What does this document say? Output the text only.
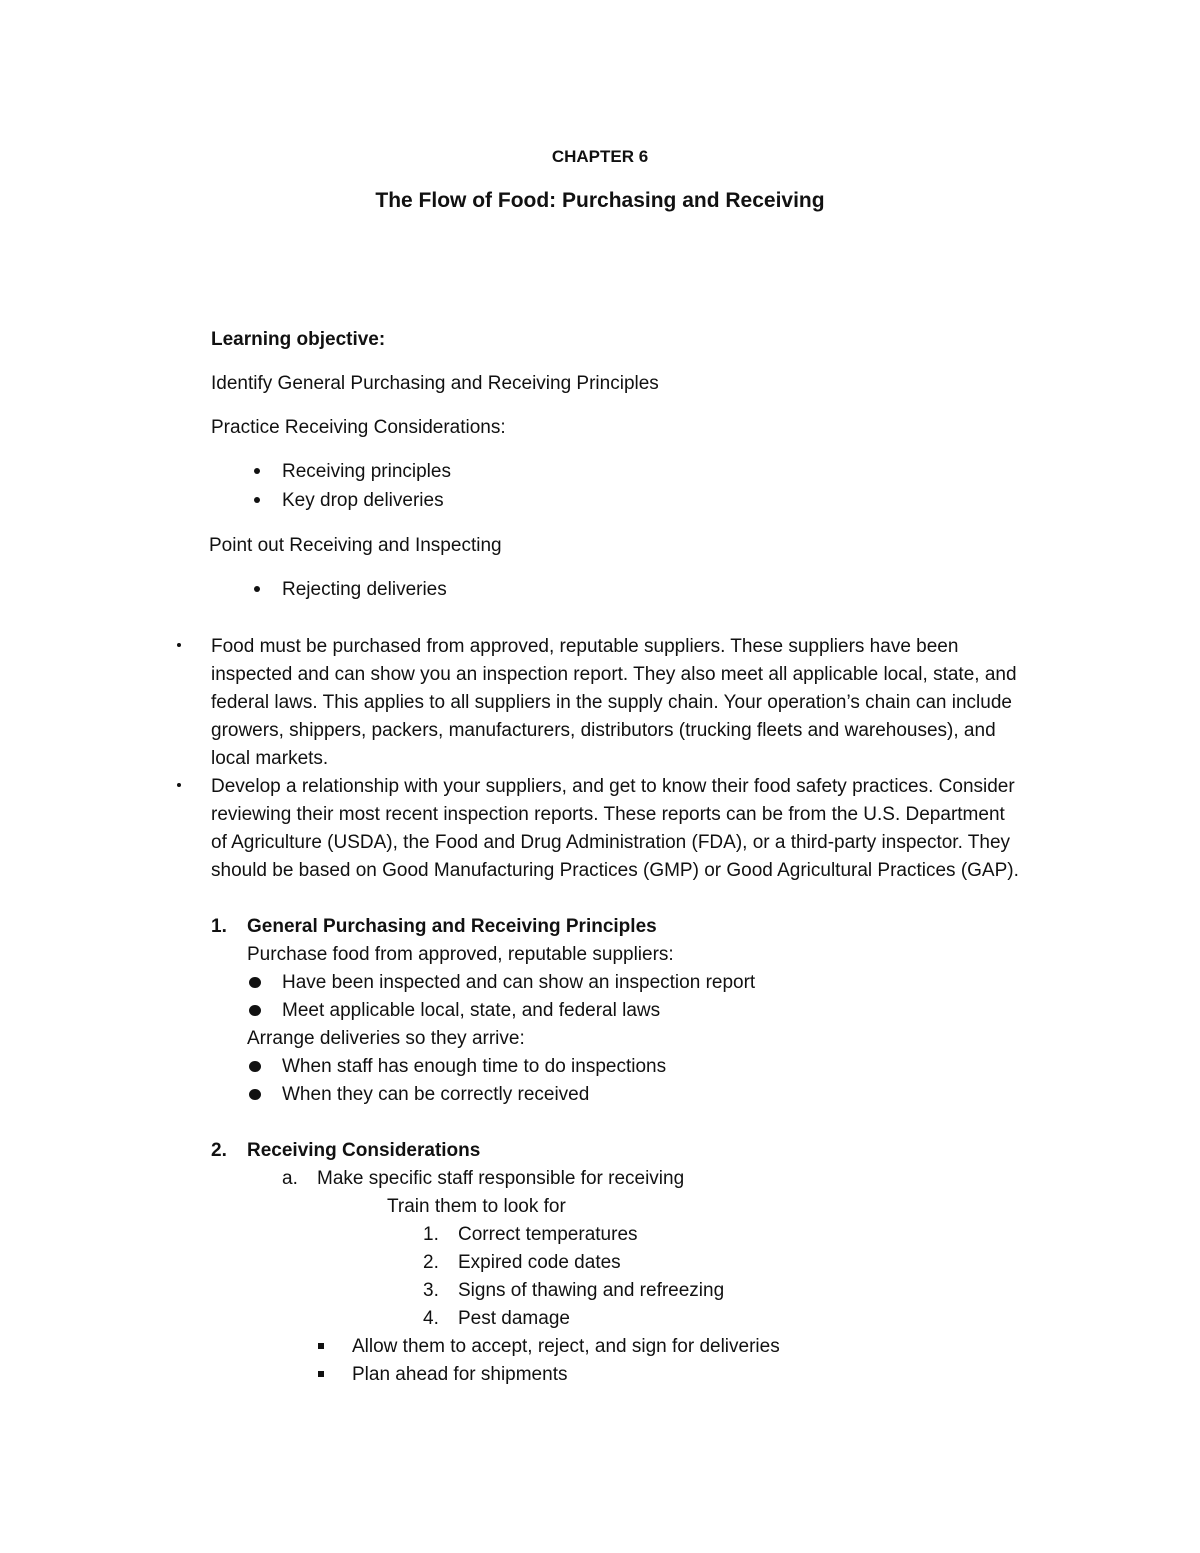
CHAPTER 6
The Flow of Food: Purchasing and Receiving
Learning objective:
Identify General Purchasing and Receiving Principles
Practice Receiving Considerations:
Receiving principles
Key drop deliveries
Point out Receiving and Inspecting
Rejecting deliveries
Food must be purchased from approved, reputable suppliers. These suppliers have been
inspected and can show you an inspection report. They also meet all applicable local, state, and
federal laws. This applies to all suppliers in the supply chain. Your operation’s chain can include
growers, shippers, packers, manufacturers, distributors (trucking fleets and warehouses), and
local markets.
Develop a relationship with your suppliers, and get to know their food safety practices. Consider
reviewing their most recent inspection reports. These reports can be from the U.S. Department
of Agriculture (USDA), the Food and Drug Administration (FDA), or a third-party inspector. They
should be based on Good Manufacturing Practices (GMP) or Good Agricultural Practices (GAP).
1. General Purchasing and Receiving Principles
Purchase food from approved, reputable suppliers:
Have been inspected and can show an inspection report
Meet applicable local, state, and federal laws
Arrange deliveries so they arrive:
When staff has enough time to do inspections
When they can be correctly received
2. Receiving Considerations
a. Make specific staff responsible for receiving
Train them to look for
1. Correct temperatures
2. Expired code dates
3. Signs of thawing and refreezing
4. Pest damage
Allow them to accept, reject, and sign for deliveries
Plan ahead for shipments
